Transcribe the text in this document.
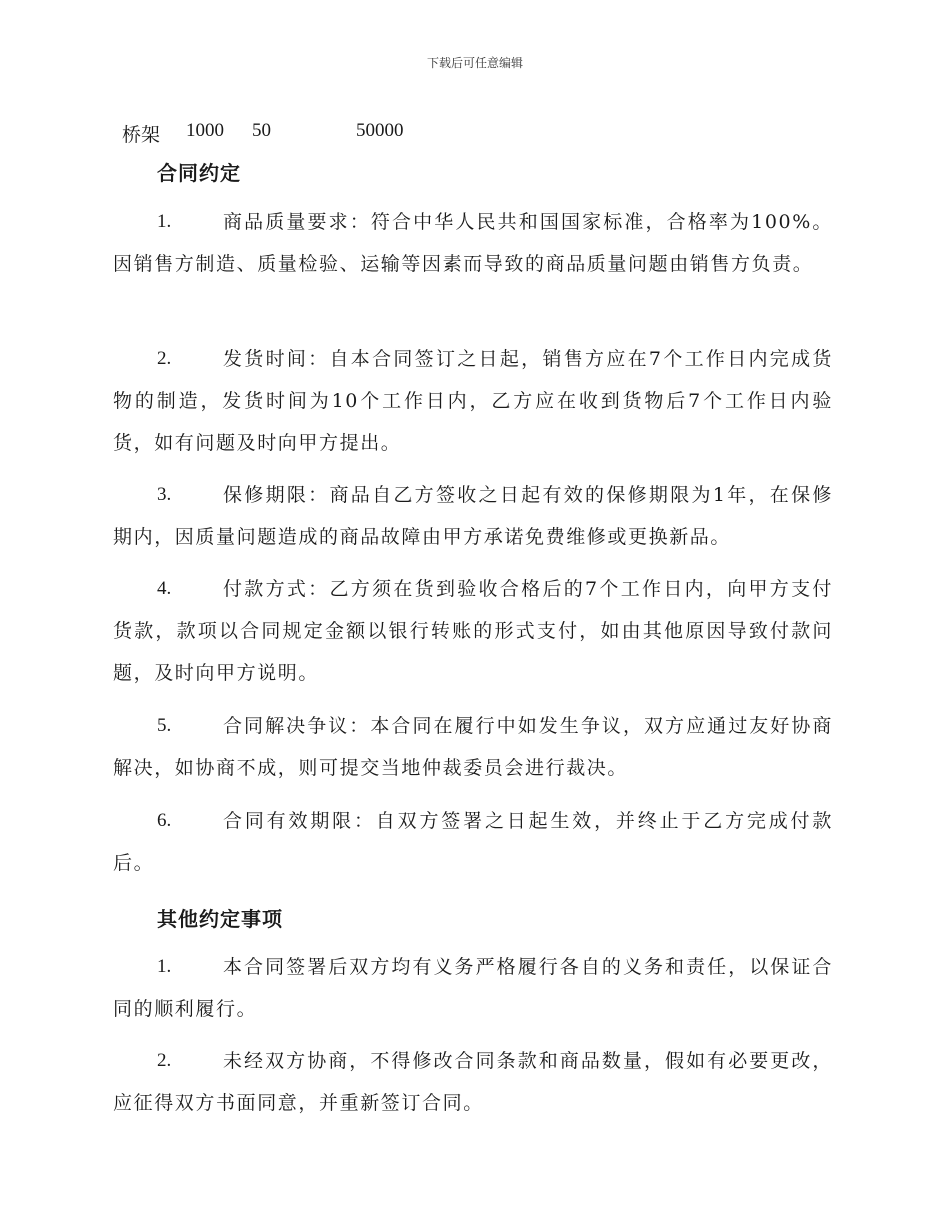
下载后可任意编辑
桥架 1000 50	50000
合同约定
1.	商品质量要求：符合中华人民共和国国家标准，合格率为100%。因销售方制造、质量检验、运输等因素而导致的商品质量问题由销售方负责。
2.	发货时间：自本合同签订之日起，销售方应在7个工作日内完成货物的制造，发货时间为10个工作日内，乙方应在收到货物后7个工作日内验货，如有问题及时向甲方提出。
3.	保修期限：商品自乙方签收之日起有效的保修期限为1年，在保修期内，因质量问题造成的商品故障由甲方承诺免费维修或更换新品。
4.	付款方式：乙方须在货到验收合格后的7个工作日内，向甲方支付货款，款项以合同规定金额以银行转账的形式支付，如由其他原因导致付款问题，及时向甲方说明。
5.	合同解决争议：本合同在履行中如发生争议，双方应通过友好协商解决，如协商不成，则可提交当地仲裁委员会进行裁决。
6.	合同有效期限：自双方签署之日起生效，并终止于乙方完成付款后。
其他约定事项
1.	本合同签署后双方均有义务严格履行各自的义务和责任，以保证合同的顺利履行。
2.	未经双方协商，不得修改合同条款和商品数量，假如有必要更改，应征得双方书面同意，并重新签订合同。
